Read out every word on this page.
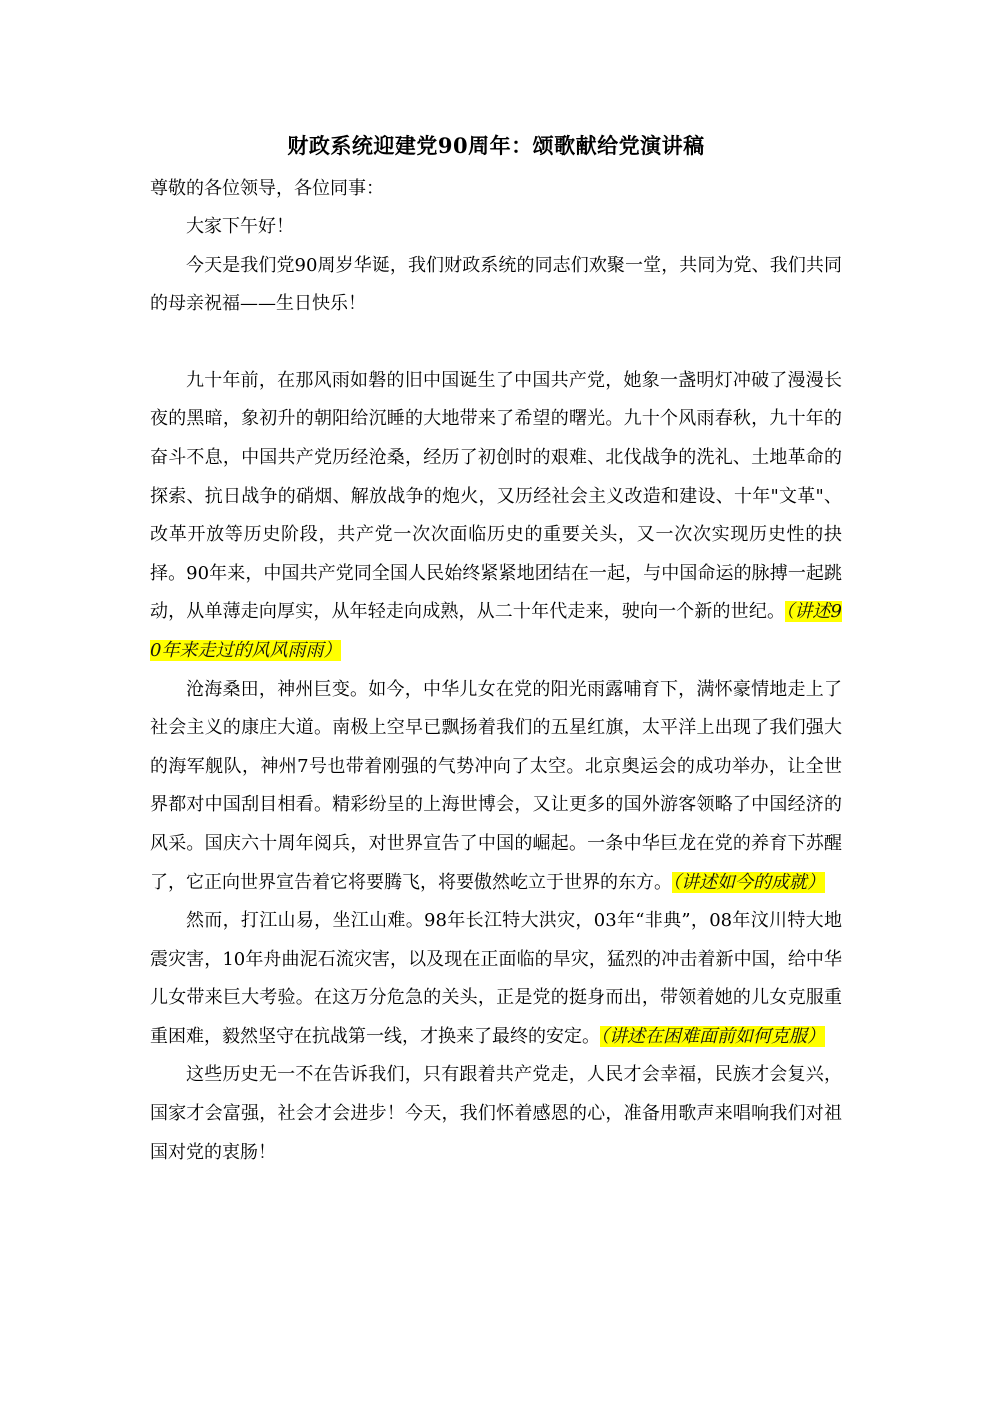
财政系统迎建党90周年：颂歌献给党演讲稿

尊敬的各位领导，各位同事：

大家下午好！

今天是我们党90周岁华诞，我们财政系统的同志们欢聚一堂，共同为党、我们共同的母亲祝福——生日快乐！

九十年前，在那风雨如磐的旧中国诞生了中国共产党，她象一盏明灯冲破了漫漫长夜的黑暗，象初升的朝阳给沉睡的大地带来了希望的曙光。九十个风雨春秋，九十年的奋斗不息，中国共产党历经沧桑，经历了初创时的艰难、北伐战争的洗礼、土地革命的探索、抗日战争的硝烟、解放战争的炮火，又历经社会主义改造和建设、十年"文革"、改革开放等历史阶段，共产党一次次面临历史的重要关头，又一次次实现历史性的抉择。90年来，中国共产党同全国人民始终紧紧地团结在一起，与中国命运的脉搏一起跳动，从单薄走向厚实，从年轻走向成熟，从二十年代走来，驶向一个新的世纪。（讲述90年来走过的风风雨雨）

沧海桑田，神州巨变。如今，中华儿女在党的阳光雨露哺育下，满怀豪情地走上了社会主义的康庄大道。南极上空早已飘扬着我们的五星红旗，太平洋上出现了我们强大的海军舰队，神州7号也带着刚强的气势冲向了太空。北京奥运会的成功举办，让全世界都对中国刮目相看。精彩纷呈的上海世博会，又让更多的国外游客领略了中国经济的风采。国庆六十周年阅兵，对世界宣告了中国的崛起。一条中华巨龙在党的养育下苏醒了，它正向世界宣告着它将要腾飞，将要傲然屹立于世界的东方。（讲述如今的成就）

然而，打江山易，坐江山难。98年长江特大洪灾，03年“非典”，08年汶川特大地震灾害，10年舟曲泥石流灾害，以及现在正面临的旱灾，猛烈的冲击着新中国，给中华儿女带来巨大考验。在这万分危急的关头，正是党的挺身而出，带领着她的儿女克服重重困难，毅然坚守在抗战第一线，才换来了最终的安定。（讲述在困难面前如何克服）

这些历史无一不在告诉我们，只有跟着共产党走，人民才会幸福，民族才会复兴，国家才会富强，社会才会进步！今天，我们怀着感恩的心，准备用歌声来唱响我们对祖国对党的衷肠！
